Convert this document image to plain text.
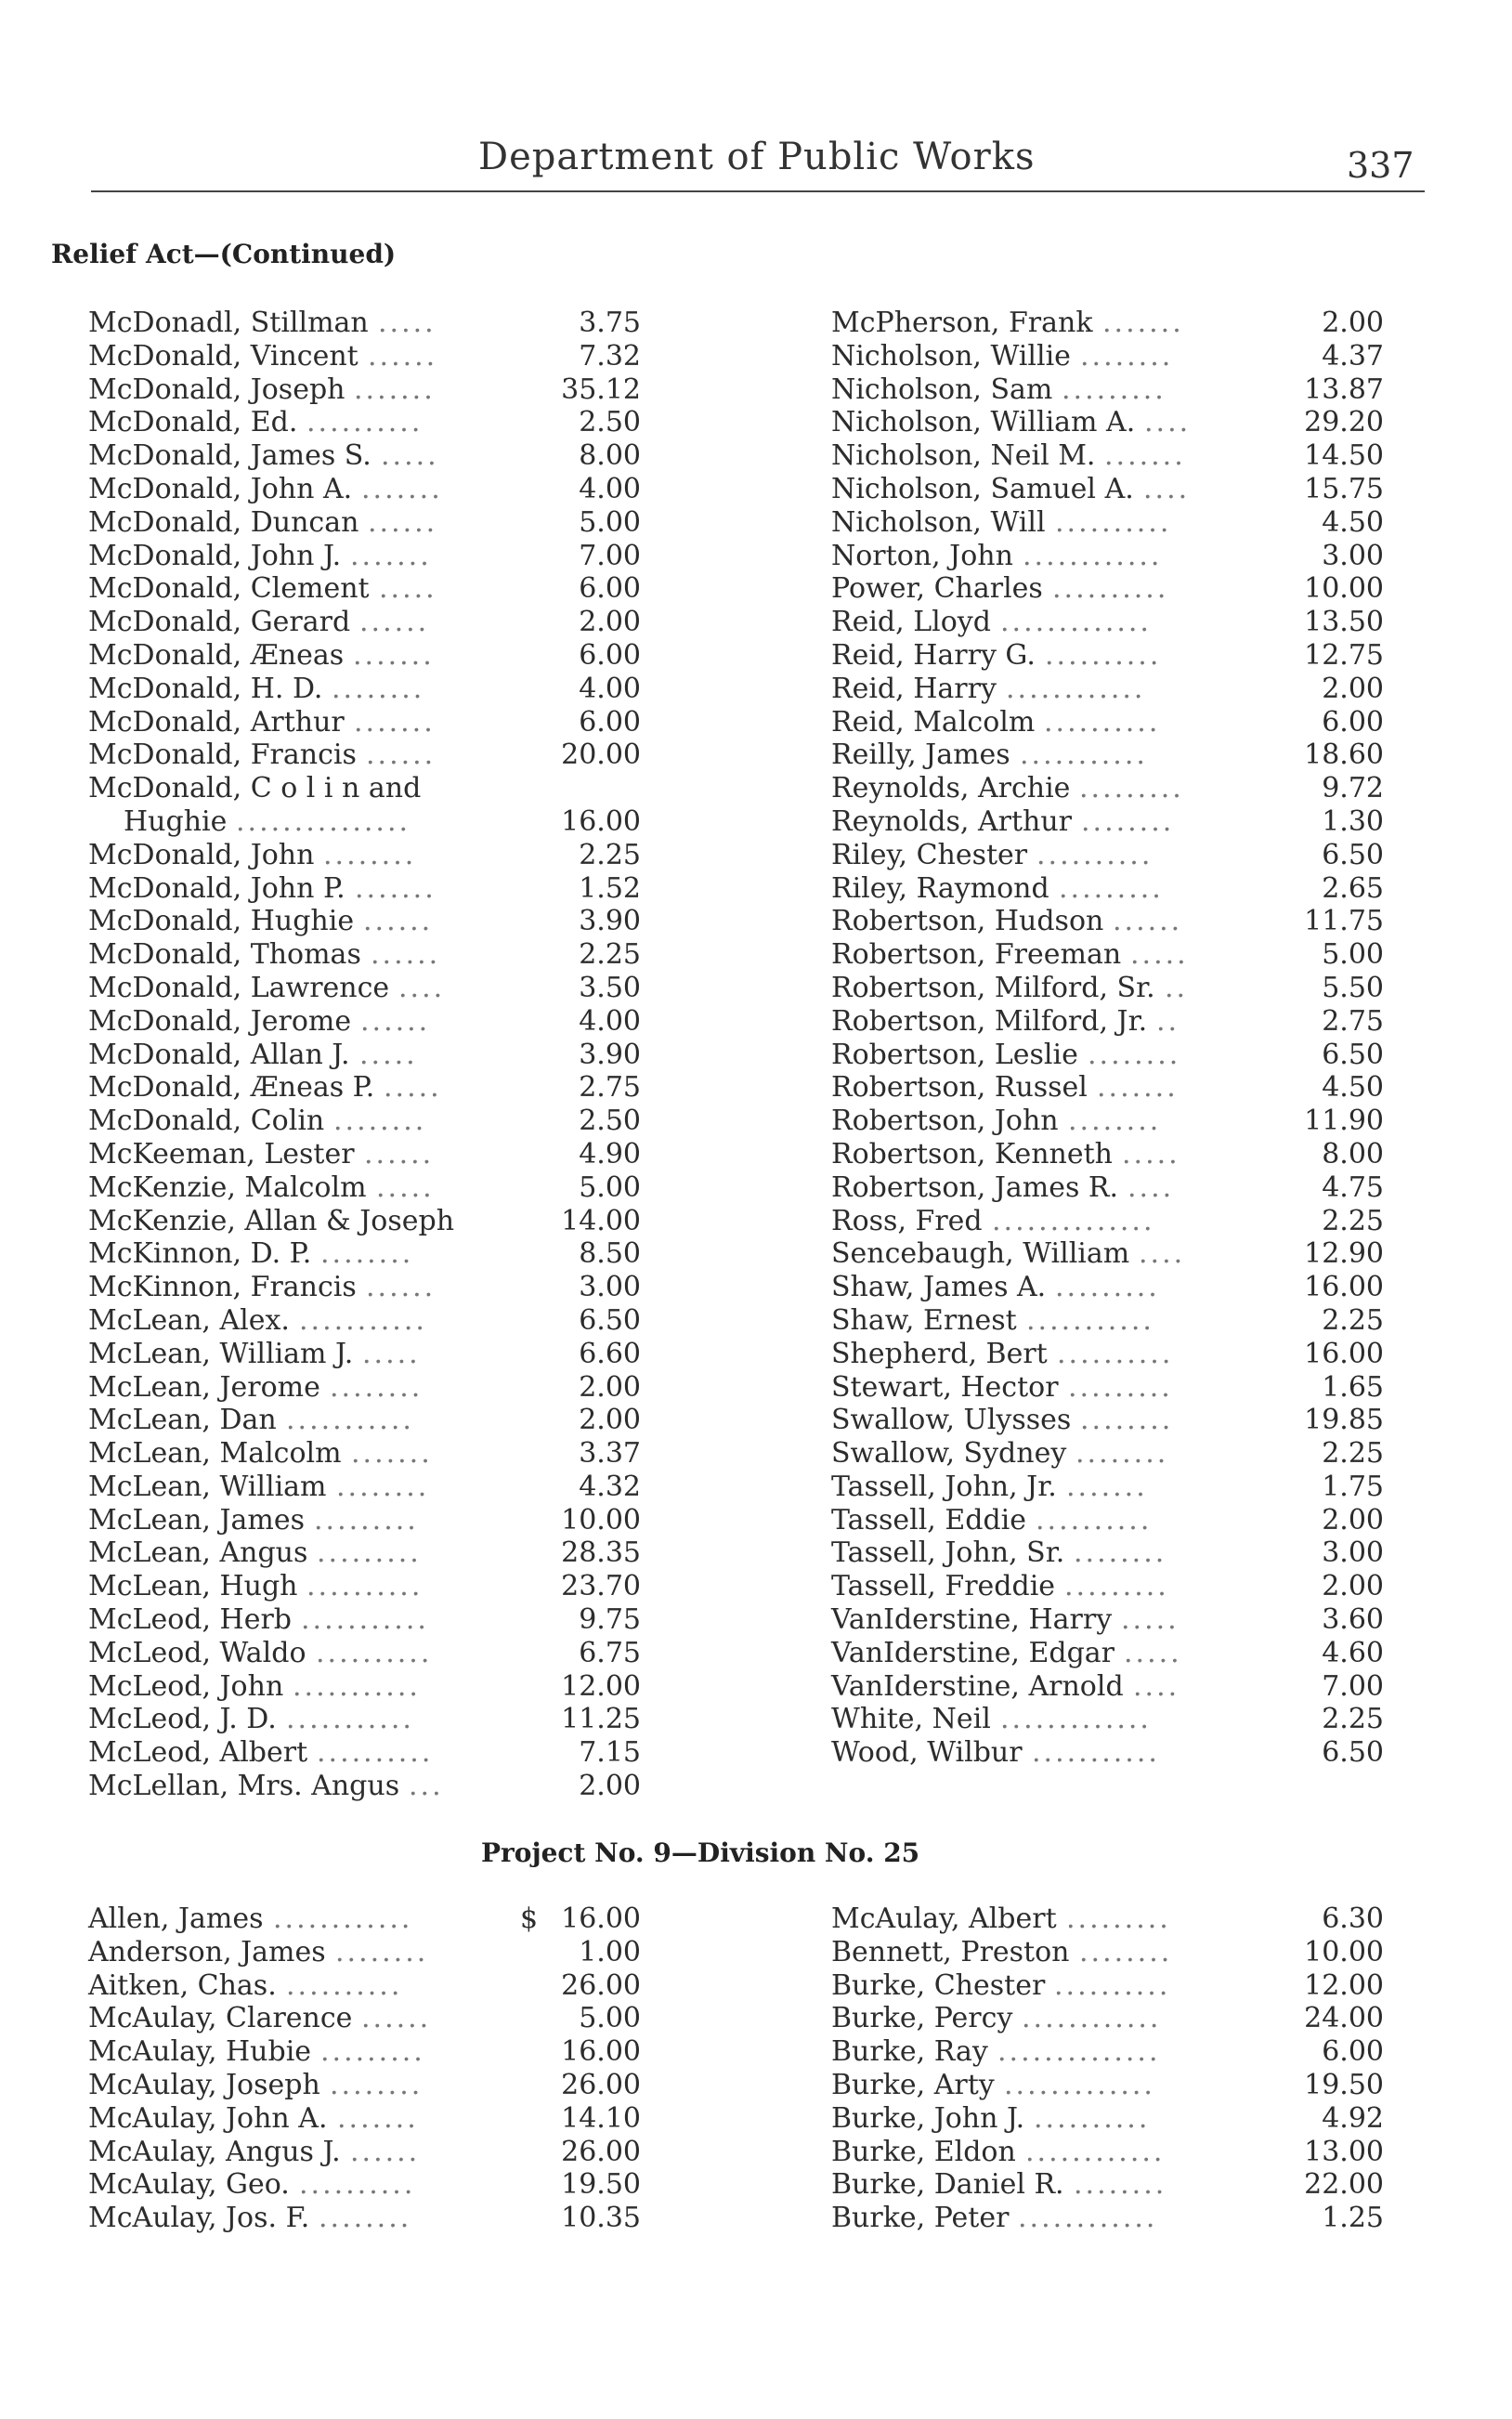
Department of Public Works	337
Relief Act—(Continued)
McDonadl, Stillman .....	3.75
McDonald, Vincent ......	7.32
McDonald, Joseph .......	35.12
McDonald, Ed. ..........	2.50
McDonald, James S. .....	8.00
McDonald, John A. .......	4.00
McDonald, Duncan ......	5.00
McDonald, John J. .......	7.00
McDonald, Clement .....	6.00
McDonald, Gerard ......	2.00
McDonald, Æneas .......	6.00
McDonald, H. D. ........	4.00
McDonald, Arthur .......	6.00
McDonald, Francis ......	20.00
McDonald, C o l i n and
Hughie ...............	16.00
McDonald, John ........	2.25
McDonald, John P. .......	1.52
McDonald, Hughie ......	3.90
McDonald, Thomas ......	2.25
McDonald, Lawrence ....	3.50
McDonald, Jerome ......	4.00
McDonald, Allan J. .....	3.90
McDonald, Æneas P. .....	2.75
McDonald, Colin ........	2.50
McKeeman, Lester ......	4.90
McKenzie, Malcolm .....	5.00
McKenzie, Allan & Joseph	14.00
McKinnon, D. P. ........	8.50
McKinnon, Francis ......	3.00
McLean, Alex. ...........	6.50
McLean, William J. .....	6.60
McLean, Jerome ........	2.00
McLean, Dan ...........	2.00
McLean, Malcolm .......	3.37
McLean, William ........	4.32
McLean, James .........	10.00
McLean, Angus .........	28.35
McLean, Hugh ..........	23.70
McLeod, Herb ...........	9.75
McLeod, Waldo ..........	6.75
McLeod, John ...........	12.00
McLeod, J. D. ...........	11.25
McLeod, Albert ..........	7.15
McLellan, Mrs. Angus ...	2.00
McPherson, Frank .......	2.00
Nicholson, Willie ........	4.37
Nicholson, Sam .........	13.87
Nicholson, William A. ....	29.20
Nicholson, Neil M. .......	14.50
Nicholson, Samuel A. ....	15.75
Nicholson, Will ..........	4.50
Norton, John ............	3.00
Power, Charles ..........	10.00
Reid, Lloyd .............	13.50
Reid, Harry G. ..........	12.75
Reid, Harry ............	2.00
Reid, Malcolm ..........	6.00
Reilly, James ...........	18.60
Reynolds, Archie .........	9.72
Reynolds, Arthur ........	1.30
Riley, Chester ..........	6.50
Riley, Raymond .........	2.65
Robertson, Hudson ......	11.75
Robertson, Freeman .....	5.00
Robertson, Milford, Sr. ..	5.50
Robertson, Milford, Jr. ..	2.75
Robertson, Leslie ........	6.50
Robertson, Russel .......	4.50
Robertson, John ........	11.90
Robertson, Kenneth .....	8.00
Robertson, James R. ....	4.75
Ross, Fred ..............	2.25
Sencebaugh, William ....	12.90
Shaw, James A. .........	16.00
Shaw, Ernest ...........	2.25
Shepherd, Bert ..........	16.00
Stewart, Hector .........	1.65
Swallow, Ulysses ........	19.85
Swallow, Sydney ........	2.25
Tassell, John, Jr. .......	1.75
Tassell, Eddie ..........	2.00
Tassell, John, Sr. ........	3.00
Tassell, Freddie .........	2.00
VanIderstine, Harry .....	3.60
VanIderstine, Edgar .....	4.60
VanIderstine, Arnold ....	7.00
White, Neil .............	2.25
Wood, Wilbur ...........	6.50
Project No. 9—Division No. 25
Allen, James ............	$ 16.00
Anderson, James ........	1.00
Aitken, Chas. ..........	26.00
McAulay, Clarence ......	5.00
McAulay, Hubie .........	16.00
McAulay, Joseph ........	26.00
McAulay, John A. .......	14.10
McAulay, Angus J. ......	26.00
McAulay, Geo. ..........	19.50
McAulay, Jos. F. ........	10.35
McAulay, Albert .........	6.30
Bennett, Preston ........	10.00
Burke, Chester ..........	12.00
Burke, Percy ............	24.00
Burke, Ray ..............	6.00
Burke, Arty .............	19.50
Burke, John J. ..........	4.92
Burke, Eldon ............	13.00
Burke, Daniel R. ........	22.00
Burke, Peter ............	1.25
